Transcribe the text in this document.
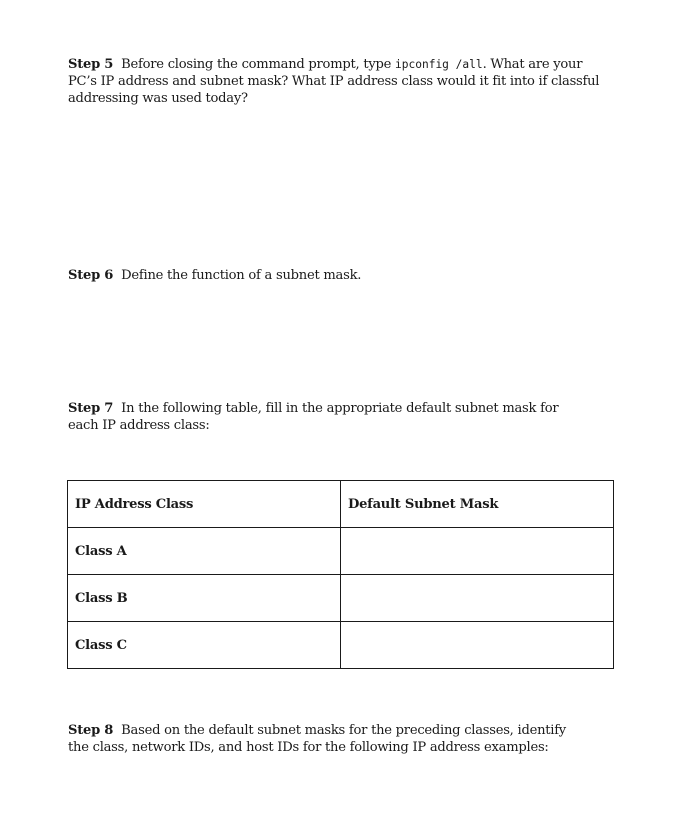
Step 5 Before closing the command prompt, type ipconfig /all. What are your PC’s IP address and subnet mask? What IP address class would it fit into if classful addressing was used today?
Step 6 Define the function of a subnet mask.
Step 7 In the following table, fill in the appropriate default subnet mask for each IP address class:
IP Address Class	Default Subnet Mask
Class A	
Class B	
Class C	
Step 8 Based on the default subnet masks for the preceding classes, identify the class, network IDs, and host IDs for the following IP address examples:
